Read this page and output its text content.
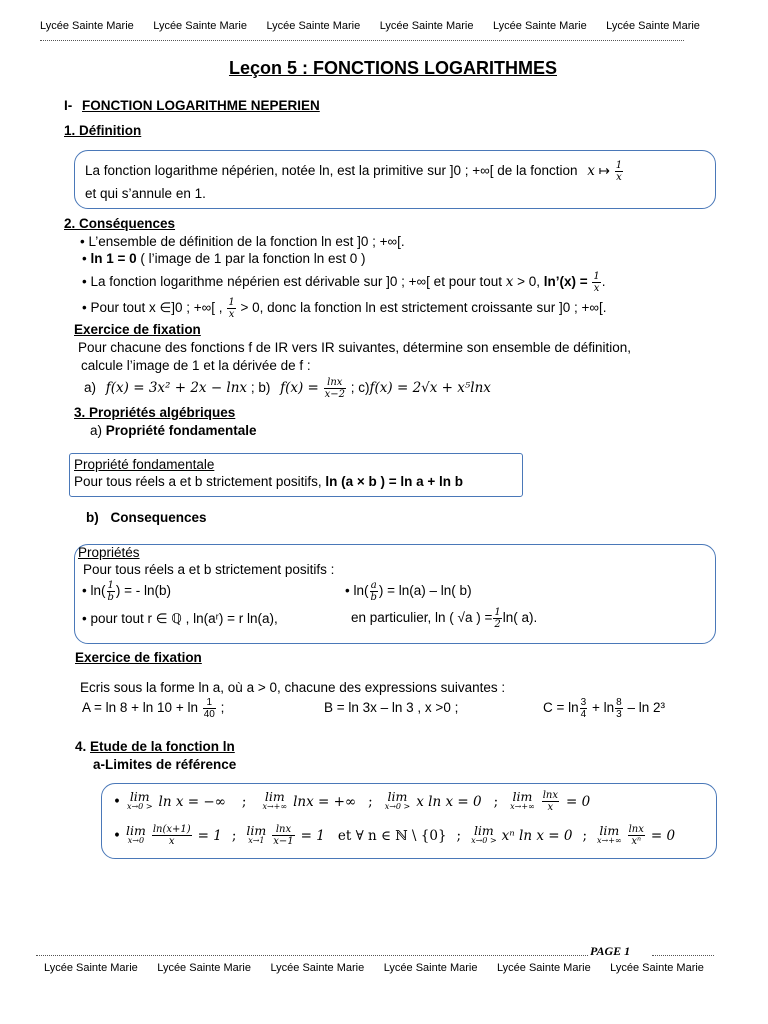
Lycée Sainte Marie Lycée Sainte Marie Lycée Sainte Marie Lycée Sainte Marie Lycée Sainte Marie Lycée Sainte Marie
Leçon 5 : FONCTIONS LOGARITHMES
I- FONCTION LOGARITHME NEPERIEN
1. Définition
La fonction logarithme népérien, notée ln, est la primitive sur ]0 ; +∞[ de la fonction x ↦ $\frac{1}{x}$
et qui s’annule en 1.
2. Conséquences
• L’ensemble de définition de la fonction ln est ]0 ; +∞[.
• ln 1 = 0 ( l’image de 1 par la fonction ln est 0 )
• La fonction logarithme népérien est dérivable sur ]0 ; +∞[ et pour tout x > 0, ln’(x) = $\frac{1}{x}$ .
• Pour tout x ∈]0 ; +∞[ , $\frac{1}{x} > 0$, donc la fonction ln est strictement croissante sur ]0 ; +∞[.
Exercice de fixation
Pour chacune des fonctions f de IR vers IR suivantes, détermine son ensemble de définition,
calcule l’image de 1 et la dérivée de f :
a) f(x) = 3x² + 2x − lnx ; b) $f(x) = \frac{\ln x}{x-2}$ ; c)f(x) = 2√x + x⁵lnx
3. Propriétés algébriques
a) Propriété fondamentale
Propriété fondamentale
Pour tous réels a et b strictement positifs, ln (a × b ) = ln a + ln b
b) Consequences
Propriétés
Pour tous réels a et b strictement positifs :
• $\ln( \frac{1}{b}$ ) = - ln(b)	• $\ln( \frac{a}{b}$ ) = ln(a) – ln( b)
• pour tout r ∈ ℚ , ln(aʳ) = r ln(a),	en particulier, ln ( √a ) = $\frac{1}{2} \ln$( a).
Exercice de fixation
Ecris sous la forme ln a, où a > 0, chacune des expressions suivantes :
$A = \ln 8 + \ln 10 + \ln \frac{1}{40}$ ;	B = ln 3x – ln 3 , x >0 ;	$C = \ln \frac{3}{4} + \ln \frac{8}{3} - \ln 2^3$
4. Etude de la fonction ln
a-Limites de référence
• lim
x→0 > ln x = −∞ ; lim
x→+∞ lnx = +∞ ; lim
x→0 > x ln x = 0 ; lim
$x\to+\infty \frac{\ln x}{x} = 0$
• lim
$x\to 0 \frac{\ln(x+1)}{x} = 1$ ; lim
$x\to 1 \frac{\ln x}{x-1} = 1$ et ∀ n ∈ ℕ \ {0} ; lim
x→0 > xⁿ ln x = 0 ; lim
$x\to+\infty \frac{\ln x}{\text{xⁿ}} = 0$
PAGE 1
Lycée Sainte Marie Lycée Sainte Marie Lycée Sainte Marie Lycée Sainte Marie Lycée Sainte Marie Lycée Sainte Marie
